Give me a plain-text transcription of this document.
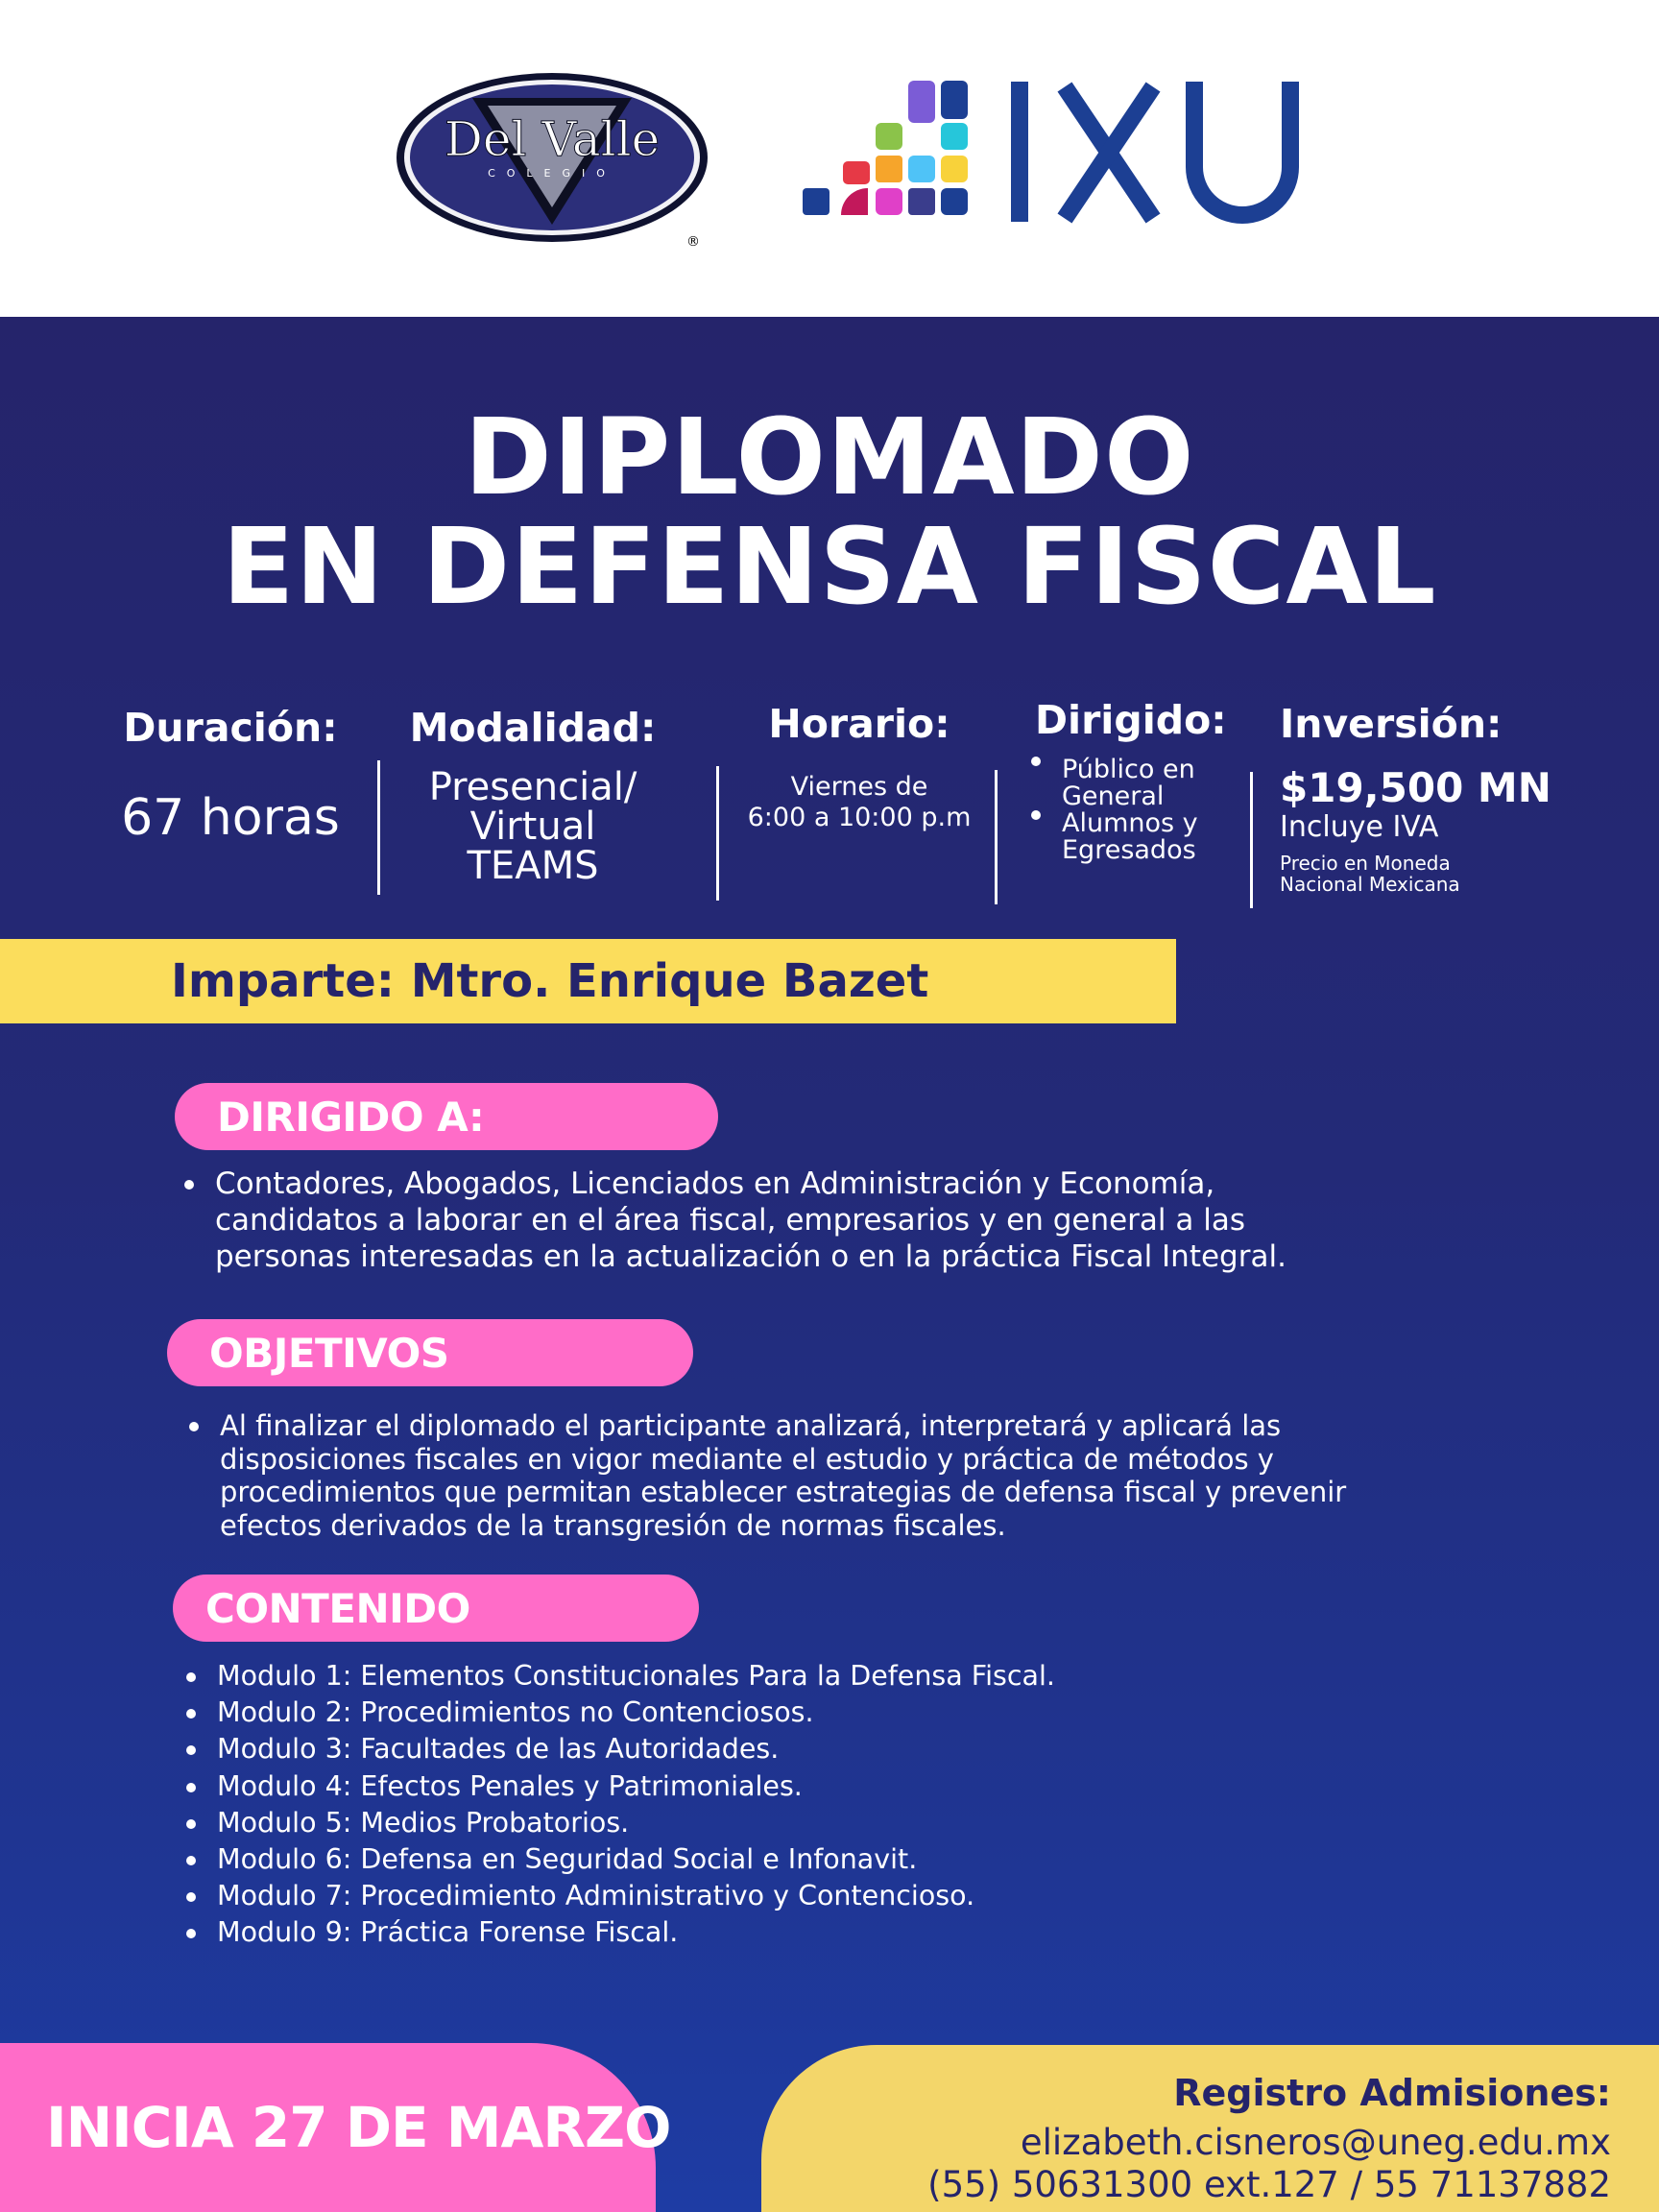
Del Valle
COLEGIO
®
IXU
DIPLOMADO
EN DEFENSA FISCAL
Duración:
67 horas
Modalidad:
Presencial/
Virtual
TEAMS
Horario:
Viernes de
6:00 a 10:00 p.m
Dirigido:
Público en
General
Alumnos y
Egresados
Inversión:
$19,500 MN
Incluye IVA
Precio en Moneda
Nacional Mexicana
Imparte: Mtro. Enrique Bazet
DIRIGIDO A:
Contadores, Abogados, Licenciados en Administración y Economía,
candidatos a laborar en el área fiscal, empresarios y en general a las
personas interesadas en la actualización o en la práctica Fiscal Integral.
OBJETIVOS
Al finalizar el diplomado el participante analizará, interpretará y aplicará las
disposiciones fiscales en vigor mediante el estudio y práctica de métodos y
procedimientos que permitan establecer estrategias de defensa fiscal y prevenir
efectos derivados de la transgresión de normas fiscales.
CONTENIDO
Modulo 1: Elementos Constitucionales Para la Defensa Fiscal.
Modulo 2: Procedimientos no Contenciosos.
Modulo 3: Facultades de las Autoridades.
Modulo 4: Efectos Penales y Patrimoniales.
Modulo 5: Medios Probatorios.
Modulo 6: Defensa en Seguridad Social e Infonavit.
Modulo 7: Procedimiento Administrativo y Contencioso.
Modulo 9: Práctica Forense Fiscal.
INICIA 27 DE MARZO
Registro Admisiones:
elizabeth.cisneros@uneg.edu.mx
(55) 50631300 ext.127 / 55 71137882
